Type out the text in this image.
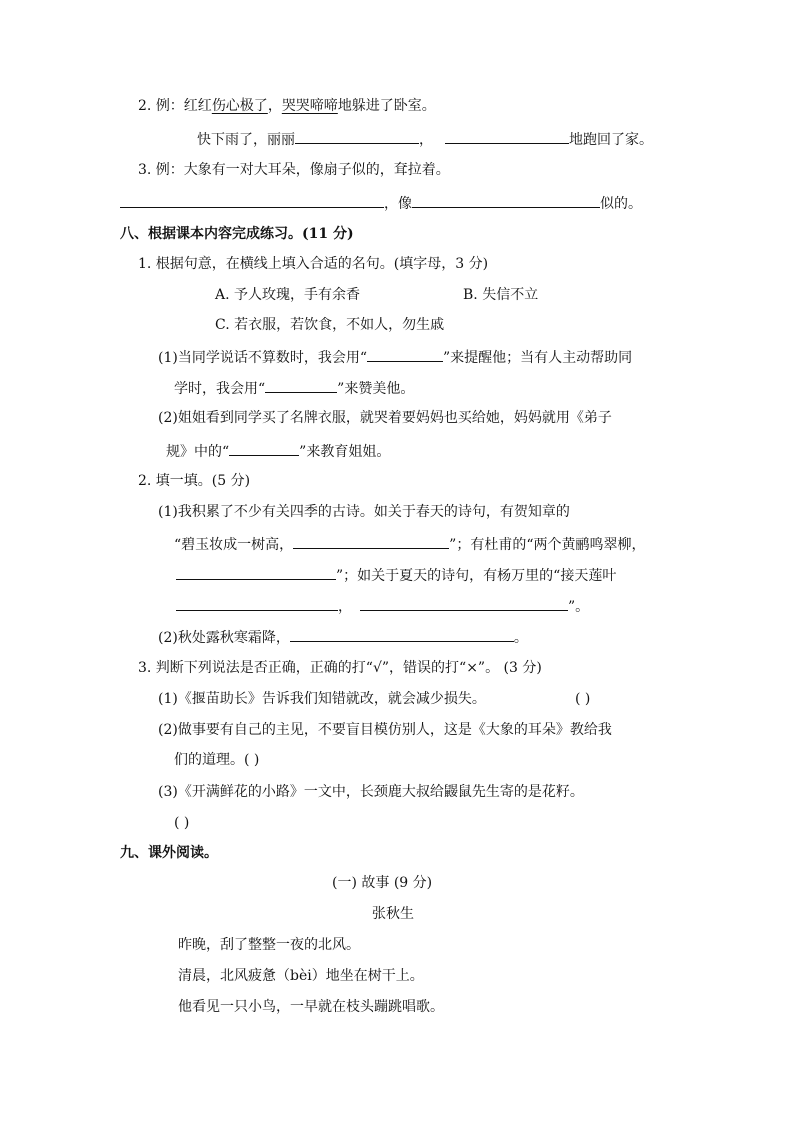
2. 例：红红伤心极了，哭哭啼啼地躲进了卧室。
快下雨了，丽丽	，	地跑回了家。
3. 例：大象有一对大耳朵，像扇子似的，耷拉着。
，像	似的。
八、根据课本内容完成练习。(11 分)
1. 根据句意，在横线上填入合适的名句。(填字母，3 分)
A. 予人玫瑰，手有余香	B. 失信不立
C. 若衣服，若饮食，不如人，勿生戚
(1)当同学说话不算数时，我会用“	”来提醒他；当有人主动帮助同
学时，我会用“	”来赞美他。
(2)姐姐看到同学买了名牌衣服，就哭着要妈妈也买给她，妈妈就用《弟子
规》中的“	”来教育姐姐。
2. 填一填。(5 分)
(1)我积累了不少有关四季的古诗。如关于春天的诗句，有贺知章的
“碧玉妆成一树高，	”；有杜甫的“两个黄鹂鸣翠柳，
”；如关于夏天的诗句，有杨万里的“接天莲叶
，	”。
(2)秋处露秋寒霜降，	。
3. 判断下列说法是否正确，正确的打“√”，错误的打“×”。 (3 分)
(1)《揠苗助长》告诉我们知错就改，就会减少损失。	( )
(2)做事要有自己的主见，不要盲目模仿别人，这是《大象的耳朵》教给我
们的道理。( )
(3)《开满鲜花的小路》一文中，长颈鹿大叔给鼹鼠先生寄的是花籽。
( )
九、课外阅读。
(一) 故事 (9 分)
张秋生
昨晚，刮了整整一夜的北风。
清晨，北风疲惫（bèi）地坐在树干上。
他看见一只小鸟，一早就在枝头蹦跳唱歌。
